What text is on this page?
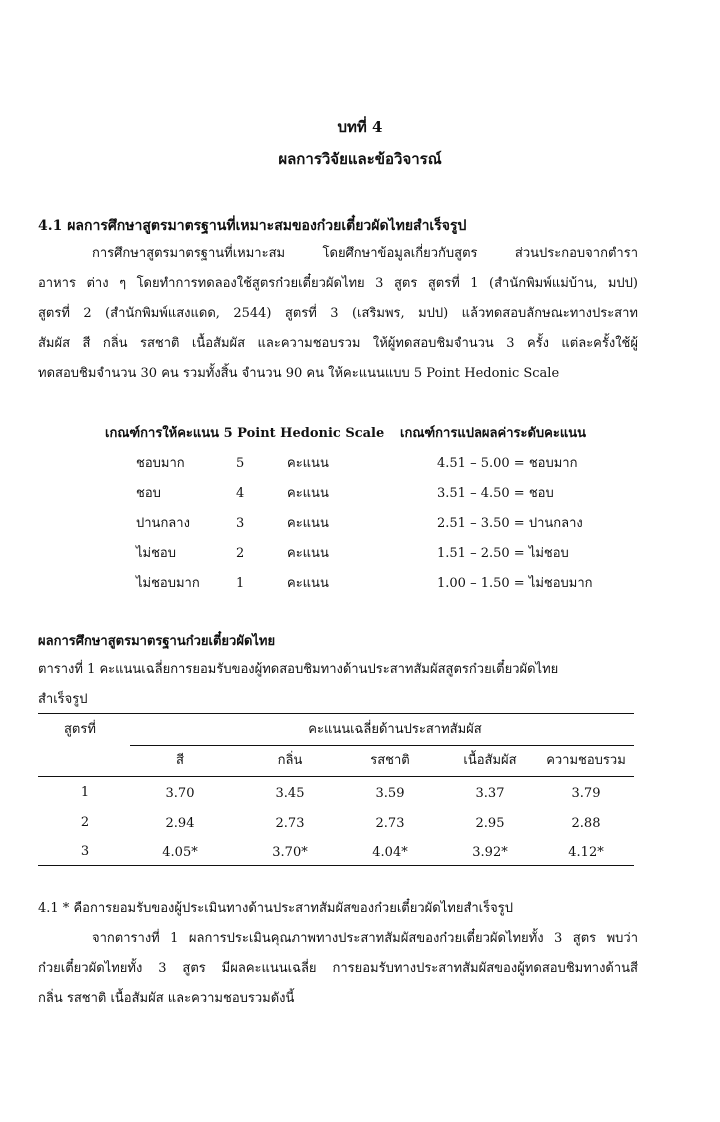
บทที่ 4
ผลการวิจัยและข้อวิจารณ์
4.1 ผลการศึกษาสูตรมาตรฐานที่เหมาะสมของก๋วยเตี๋ยวผัดไทยสำเร็จรูป
การศึกษาสูตรมาตรฐานที่เหมาะสม โดยศึกษาข้อมูลเกี่ยวกับสูตร ส่วนประกอบจากตำรา
อาหาร ต่าง ๆ โดยทำการทดลองใช้สูตรก๋วยเตี๋ยวผัดไทย 3 สูตร สูตรที่ 1 (สำนักพิมพ์แม่บ้าน, มปป)
สูตรที่ 2 (สำนักพิมพ์แสงแดด, 2544) สูตรที่ 3 (เสริมพร, มปป) แล้วทดสอบลักษณะทางประสาท
สัมผัส สี กลิ่น รสชาติ เนื้อสัมผัส และความชอบรวม ให้ผู้ทดสอบชิมจำนวน 3 ครั้ง แต่ละครั้งใช้ผู้
ทดสอบชิมจำนวน 30 คน รวมทั้งสิ้น จำนวน 90 คน ให้คะแนนแบบ 5 Point Hedonic Scale
เกณฑ์การให้คะแนน 5 Point Hedonic Scale เกณฑ์การแปลผลค่าระดับคะแนน
ชอบมาก	5	คะแนน	4.51 – 5.00 = ชอบมาก
ชอบ	4	คะแนน	3.51 – 4.50 = ชอบ
ปานกลาง	3	คะแนน	2.51 – 3.50 = ปานกลาง
ไม่ชอบ	2	คะแนน	1.51 – 2.50 = ไม่ชอบ
ไม่ชอบมาก	1	คะแนน	1.00 – 1.50 = ไม่ชอบมาก
ผลการศึกษาสูตรมาตรฐานก๋วยเตี๋ยวผัดไทย
ตารางที่ 1 คะแนนเฉลี่ยการยอมรับของผู้ทดสอบชิมทางด้านประสาทสัมผัสสูตรก๋วยเตี๋ยวผัดไทย
สำเร็จรูป
สูตรที่	คะแนนเฉลี่ยด้านประสาทสัมผัส
สี	กลิ่น	รสชาติ	เนื้อสัมผัส	ความชอบรวม
1	3.70	3.45	3.59	3.37	3.79
2	2.94	2.73	2.73	2.95	2.88
3	4.05*	3.70*	4.04*	3.92*	4.12*
4.1 * คือการยอมรับของผู้ประเมินทางด้านประสาทสัมผัสของก๋วยเตี๋ยวผัดไทยสำเร็จรูป
จากตารางที่ 1 ผลการประเมินคุณภาพทางประสาทสัมผัสของก๋วยเตี๋ยวผัดไทยทั้ง 3 สูตร พบว่า
ก๋วยเตี๋ยวผัดไทยทั้ง 3 สูตร มีผลคะแนนเฉลี่ย การยอมรับทางประสาทสัมผัสของผู้ทดสอบชิมทางด้านสี
กลิ่น รสชาติ เนื้อสัมผัส และความชอบรวมดังนี้
